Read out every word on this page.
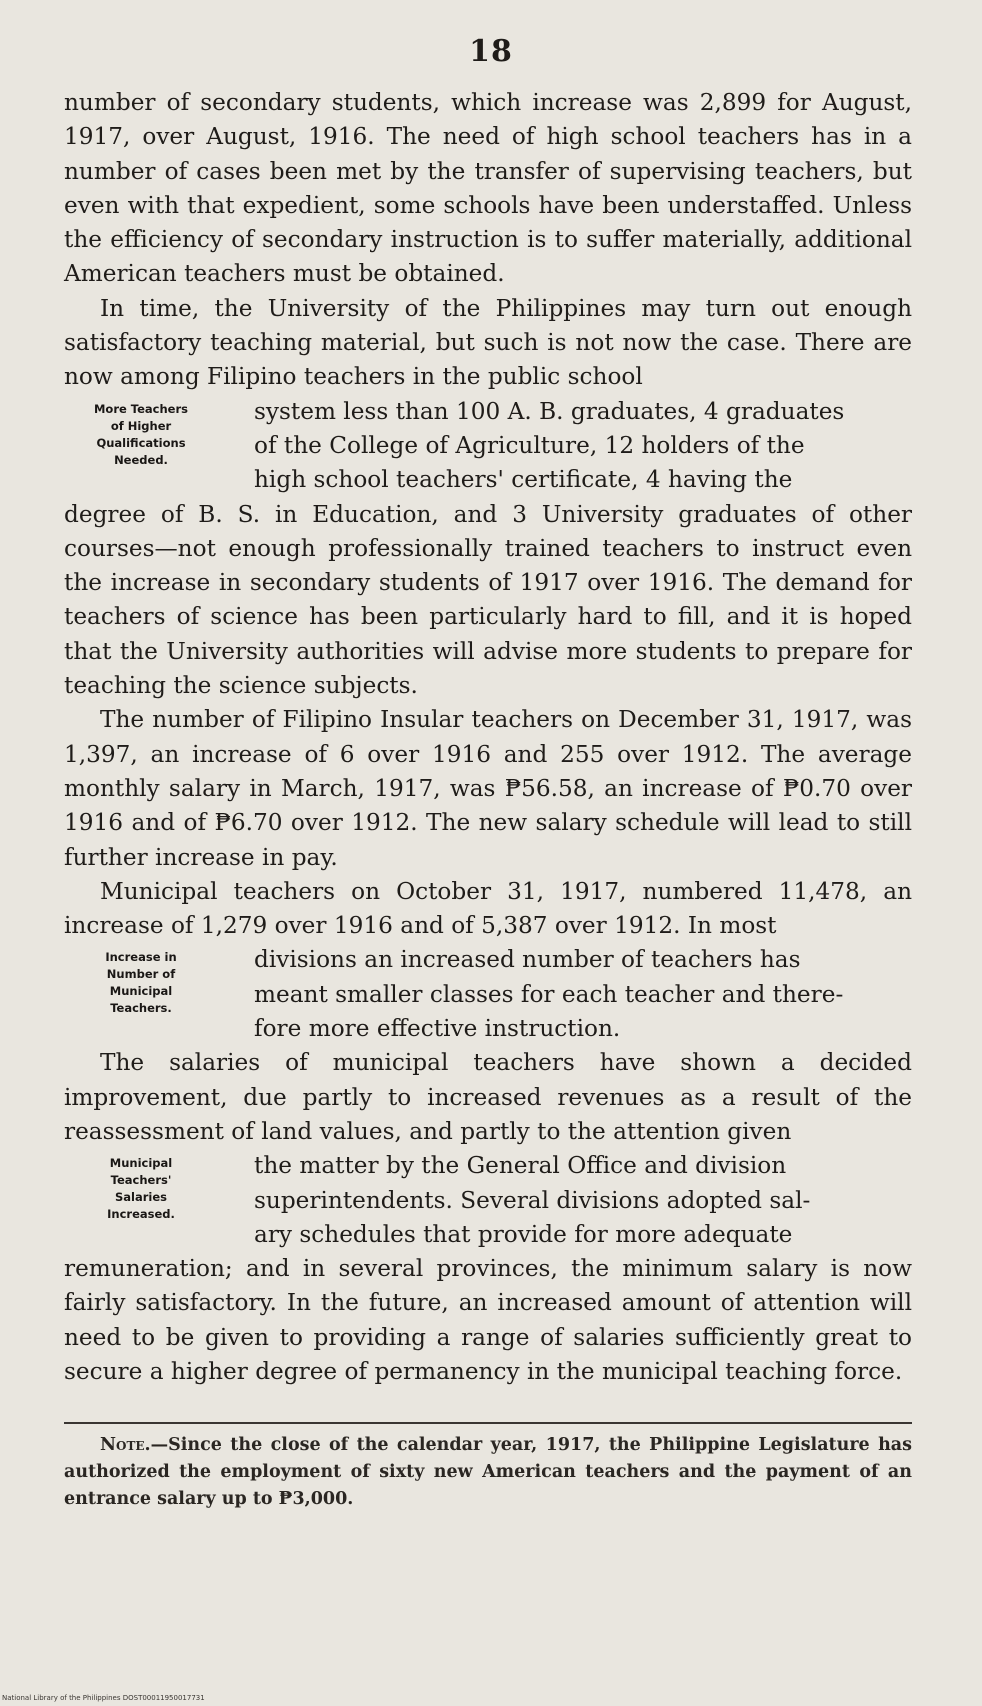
18

number of secondary students, which increase was 2,899 for August, 1917, over August, 1916. The need of high school teachers has in a number of cases been met by the transfer of supervising teachers, but even with that expedient, some schools have been understaffed. Unless the efficiency of secondary instruction is to suffer materially, additional American teachers must be obtained.

In time, the University of the Philippines may turn out enough satisfactory teaching material, but such is not now the case. There are now among Filipino teachers in the public school

More Teachers
of Higher
Qualifications
Needed.
system less than 100 A. B. graduates, 4 graduates
of the College of Agriculture, 12 holders of the
high school teachers' certificate, 4 having the

degree of B. S. in Education, and 3 University graduates of other courses—not enough professionally trained teachers to instruct even the increase in secondary students of 1917 over 1916. The demand for teachers of science has been particularly hard to fill, and it is hoped that the University authorities will advise more students to prepare for teaching the science subjects.

The number of Filipino Insular teachers on December 31, 1917, was 1,397, an increase of 6 over 1916 and 255 over 1912. The average monthly salary in March, 1917, was ₱56.58, an increase of ₱0.70 over 1916 and of ₱6.70 over 1912. The new salary schedule will lead to still further increase in pay.

Municipal teachers on October 31, 1917, numbered 11,478, an increase of 1,279 over 1916 and of 5,387 over 1912. In most

Increase in
Number of
Municipal
Teachers.
divisions an increased number of teachers has
meant smaller classes for each teacher and there-
fore more effective instruction.

The salaries of municipal teachers have shown a decided improvement, due partly to increased revenues as a result of the reassessment of land values, and partly to the attention given

Municipal
Teachers'
Salaries
Increased.
the matter by the General Office and division
superintendents. Several divisions adopted sal-
ary schedules that provide for more adequate

remuneration; and in several provinces, the minimum salary is now fairly satisfactory. In the future, an increased amount of attention will need to be given to providing a range of salaries sufficiently great to secure a higher degree of permanency in the municipal teaching force.

Note.—Since the close of the calendar year, 1917, the Philippine Legislature has authorized the employment of sixty new American teachers and the payment of an entrance salary up to ₱3,000.

National Library of the Philippines DOST00011950017731
